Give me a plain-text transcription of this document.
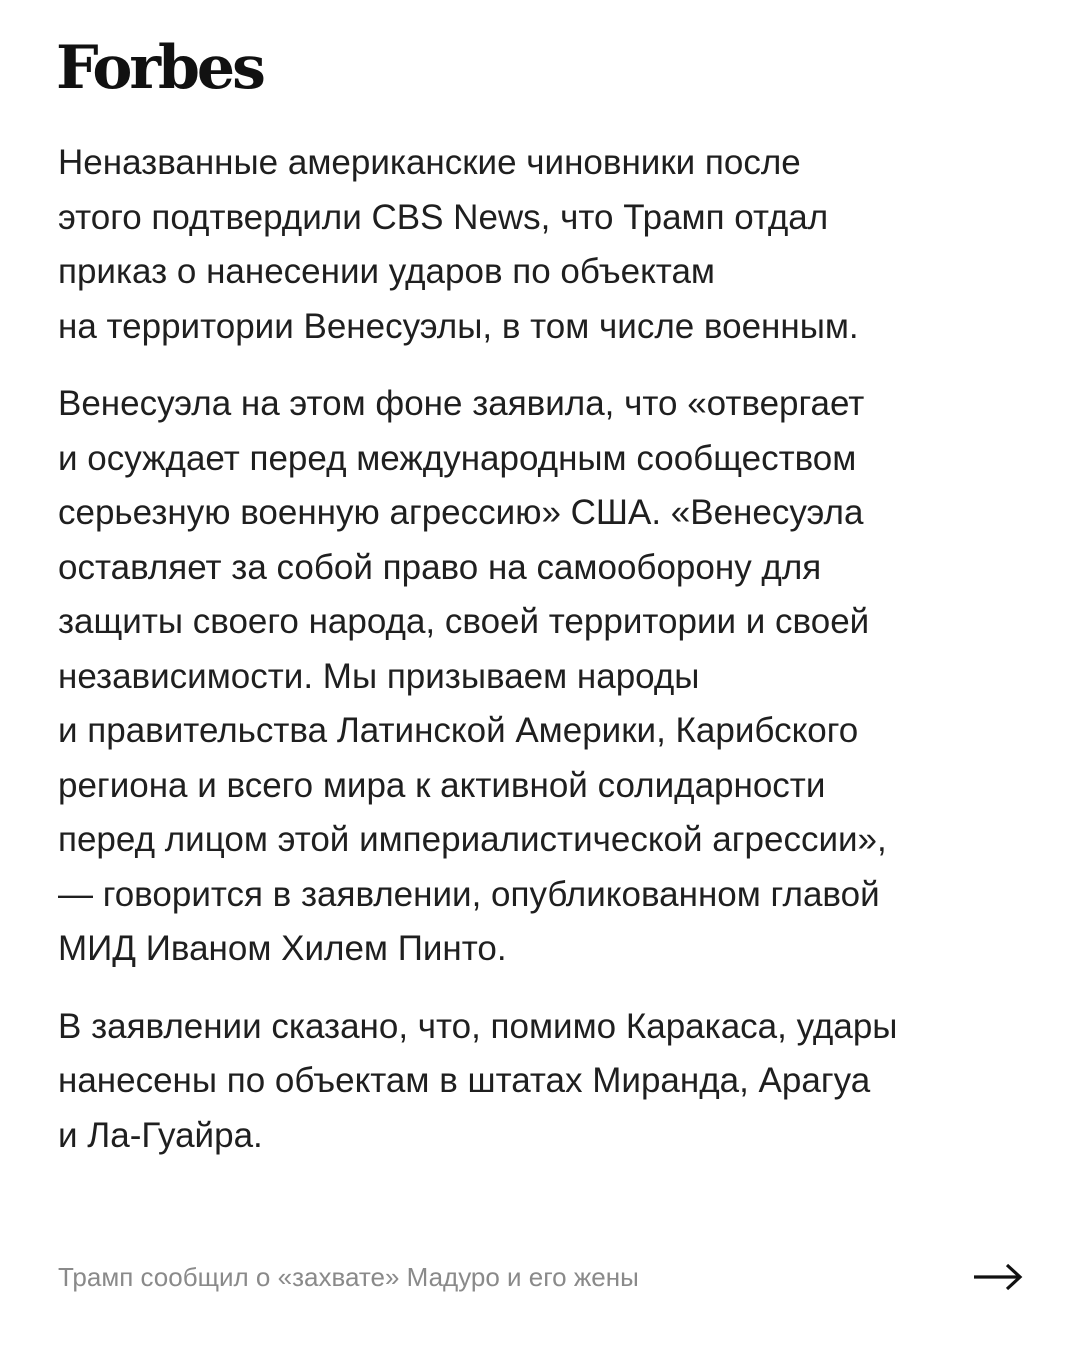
Forbes

Неназванные американские чиновники после
этого подтвердили CBS News, что Трамп отдал
приказ о нанесении ударов по объектам
на территории Венесуэлы, в том числе военным.

Венесуэла на этом фоне заявила, что «отвергает
и осуждает перед международным сообществом
серьезную военную агрессию» США. «Венесуэла
оставляет за собой право на самооборону для
защиты своего народа, своей территории и своей
независимости. Мы призываем народы
и правительства Латинской Америки, Карибского
региона и всего мира к активной солидарности
перед лицом этой империалистической агрессии»,
— говорится в заявлении, опубликованном главой
МИД Иваном Хилем Пинто.

В заявлении сказано, что, помимо Каракаса, удары
нанесены по объектам в штатах Миранда, Арагуа
и Ла-Гуайра.

Трамп сообщил о «захвате» Мадуро и его жены
